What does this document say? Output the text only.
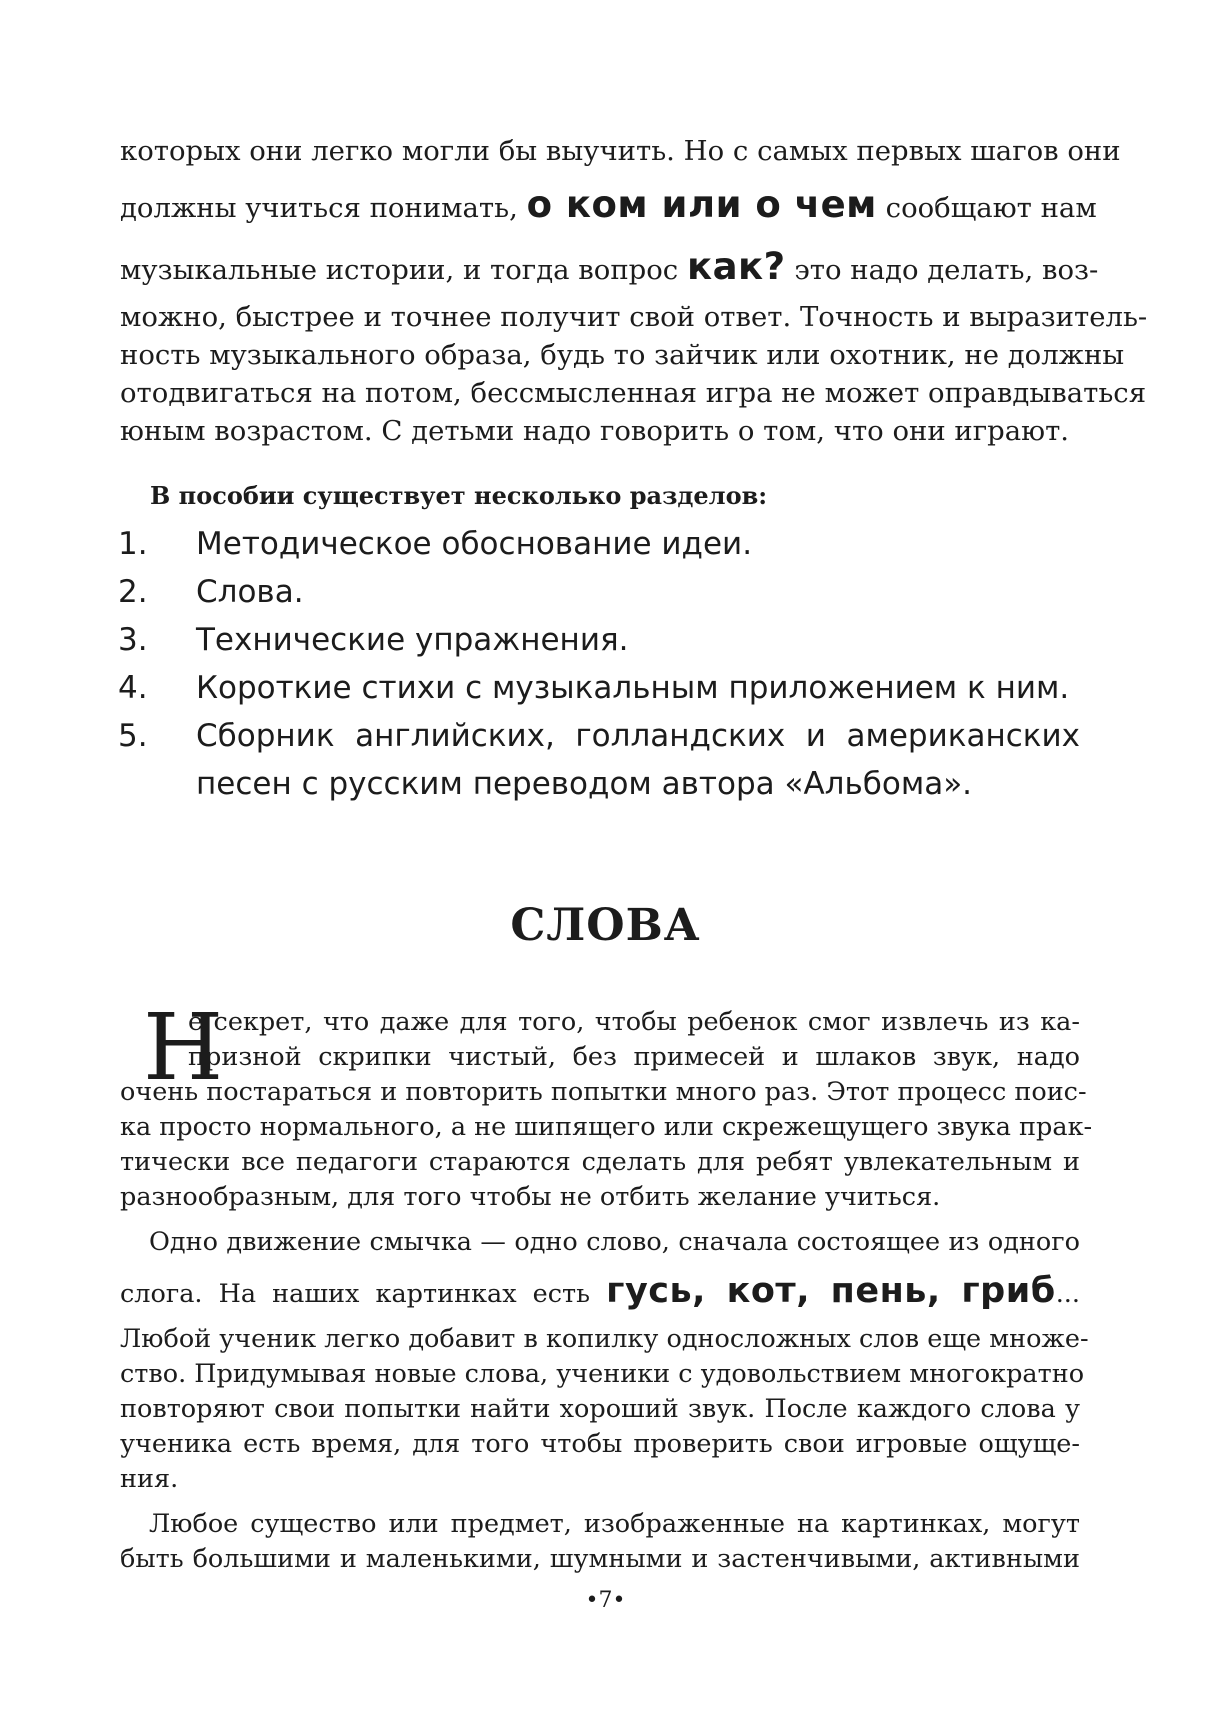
которых они легко могли бы выучить. Но с самых первых шагов они
должны учиться понимать, о ком или о чем сообщают нам
музыкальные истории, и тогда вопрос как? это надо делать, воз-
можно, быстрее и точнее получит свой ответ. Точность и выразитель-
ность музыкального образа, будь то зайчик или охотник, не должны
отодвигаться на потом, бессмысленная игра не может оправдываться
юным возрастом. С детьми надо говорить о том, что они играют.
В пособии существует несколько разделов:
1.	Методическое обоснование идеи.
2.	Слова.
3.	Технические упражнения.
4.	Короткие стихи с музыкальным приложением к ним.
5.	Сборник английских, голландских и американских
песен с русским переводом автора «Альбома».
СЛОВА
Н
е секрет, что даже для того, чтобы ребенок смог извлечь из ка-
призной скрипки чистый, без примесей и шлаков звук, надо
очень постараться и повторить попытки много раз. Этот процесс поис-
ка просто нормального, а не шипящего или скрежещущего звука прак-
тически все педагоги стараются сделать для ребят увлекательным и
разнообразным, для того чтобы не отбить желание учиться.
Одно движение смычка — одно слово, сначала состоящее из одного
слога. На наших картинках есть гусь, кот, пень, гриб...
Любой ученик легко добавит в копилку односложных слов еще множе-
ство. Придумывая новые слова, ученики с удовольствием многократно
повторяют свои попытки найти хороший звук. После каждого слова у
ученика есть время, для того чтобы проверить свои игровые ощуще-
ния.
Любое существо или предмет, изображенные на картинках, могут
быть большими и маленькими, шумными и застенчивыми, активными
•7•
